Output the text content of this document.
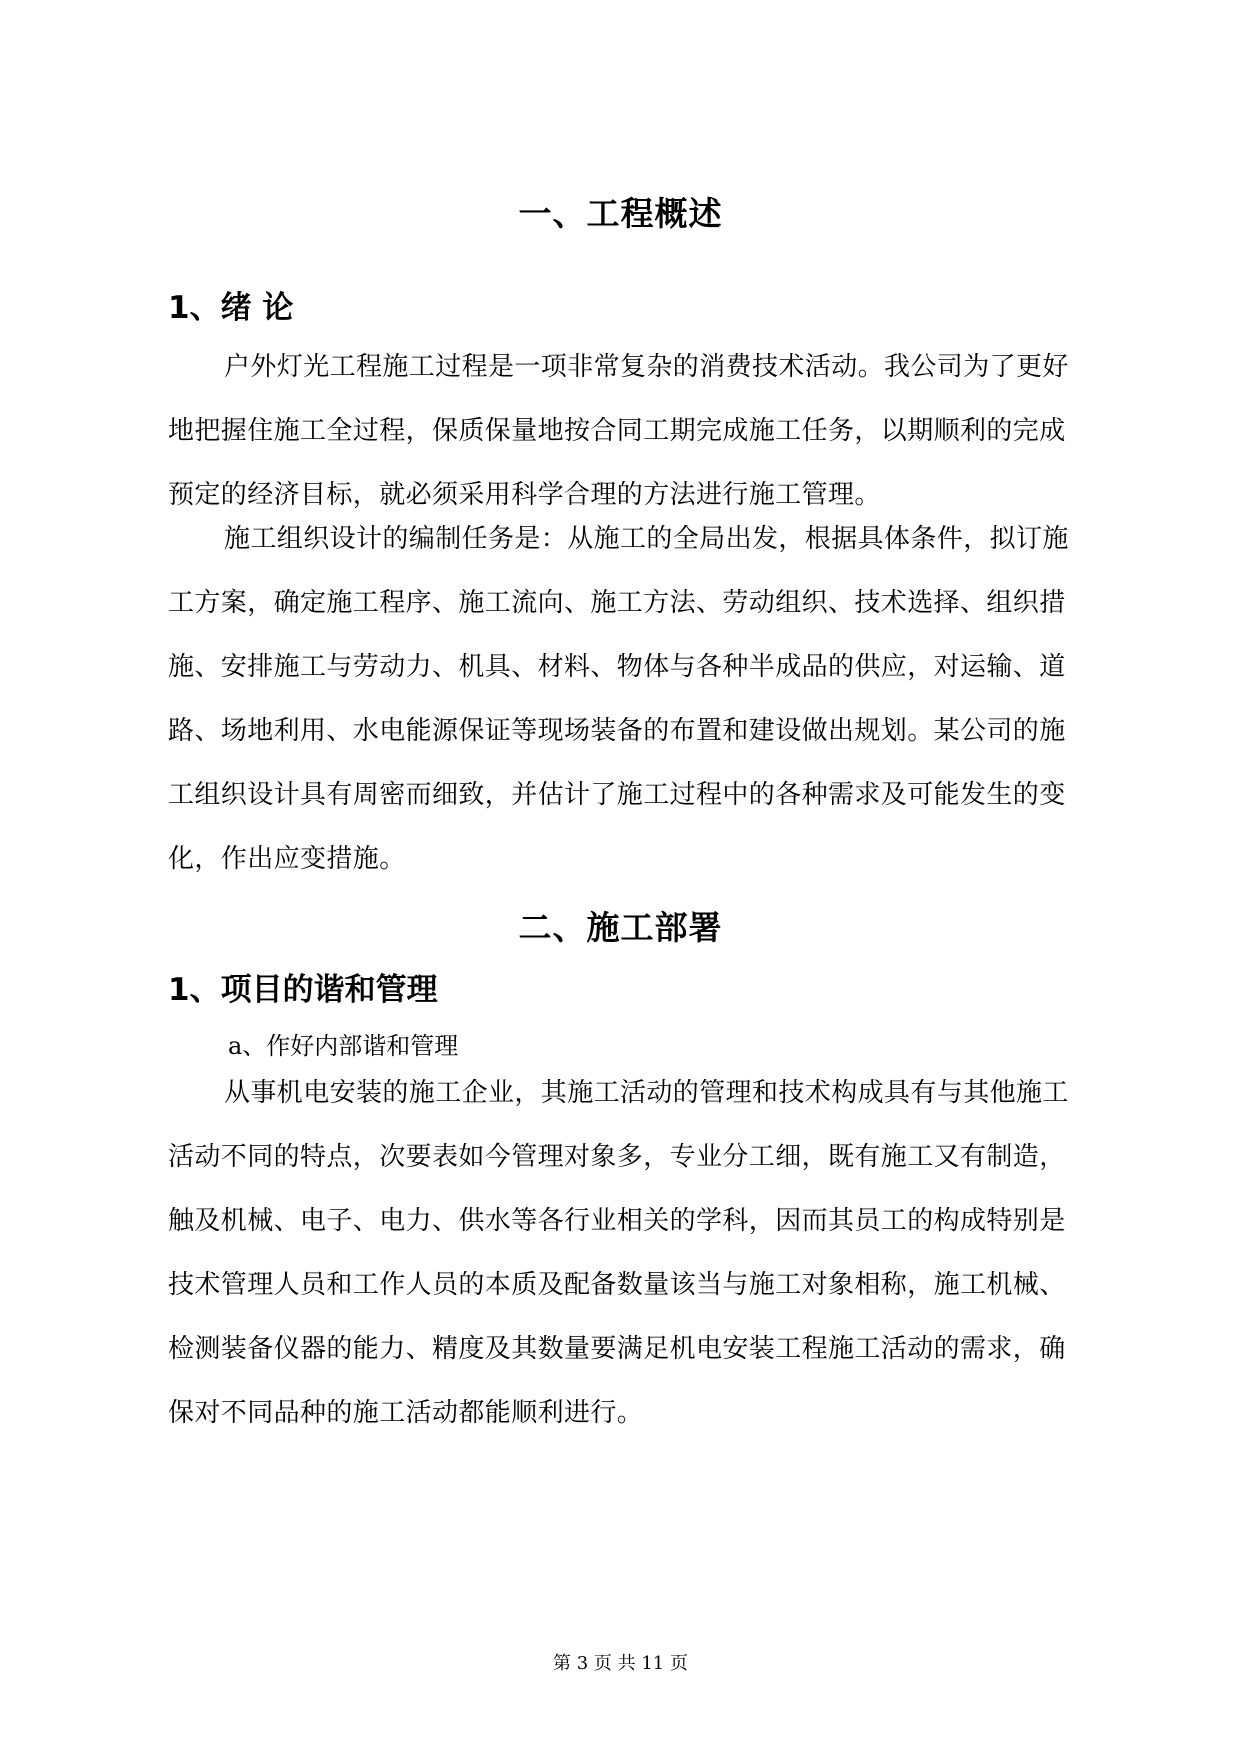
一、工程概述
1、绪 论

户外灯光工程施工过程是一项非常复杂的消费技术活动。我公司为了更好地把握住施工全过程，保质保量地按合同工期完成施工任务，以期顺利的完成预定的经济目标，就必须采用科学合理的方法进行施工管理。

施工组织设计的编制任务是：从施工的全局出发，根据具体条件，拟订施工方案，确定施工程序、施工流向、施工方法、劳动组织、技术选择、组织措施、安排施工与劳动力、机具、材料、物体与各种半成品的供应，对运输、道路、场地利用、水电能源保证等现场装备的布置和建设做出规划。某公司的施工组织设计具有周密而细致，并估计了施工过程中的各种需求及可能发生的变化，作出应变措施。

二、施工部署
1、项目的谐和管理

a、作好内部谐和管理

从事机电安装的施工企业，其施工活动的管理和技术构成具有与其他施工活动不同的特点，次要表如今管理对象多，专业分工细，既有施工又有制造，触及机械、电子、电力、供水等各行业相关的学科，因而其员工的构成特别是技术管理人员和工作人员的本质及配备数量该当与施工对象相称，施工机械、检测装备仪器的能力、精度及其数量要满足机电安装工程施工活动的需求，确保对不同品种的施工活动都能顺利进行。

第 3 页 共 11 页
